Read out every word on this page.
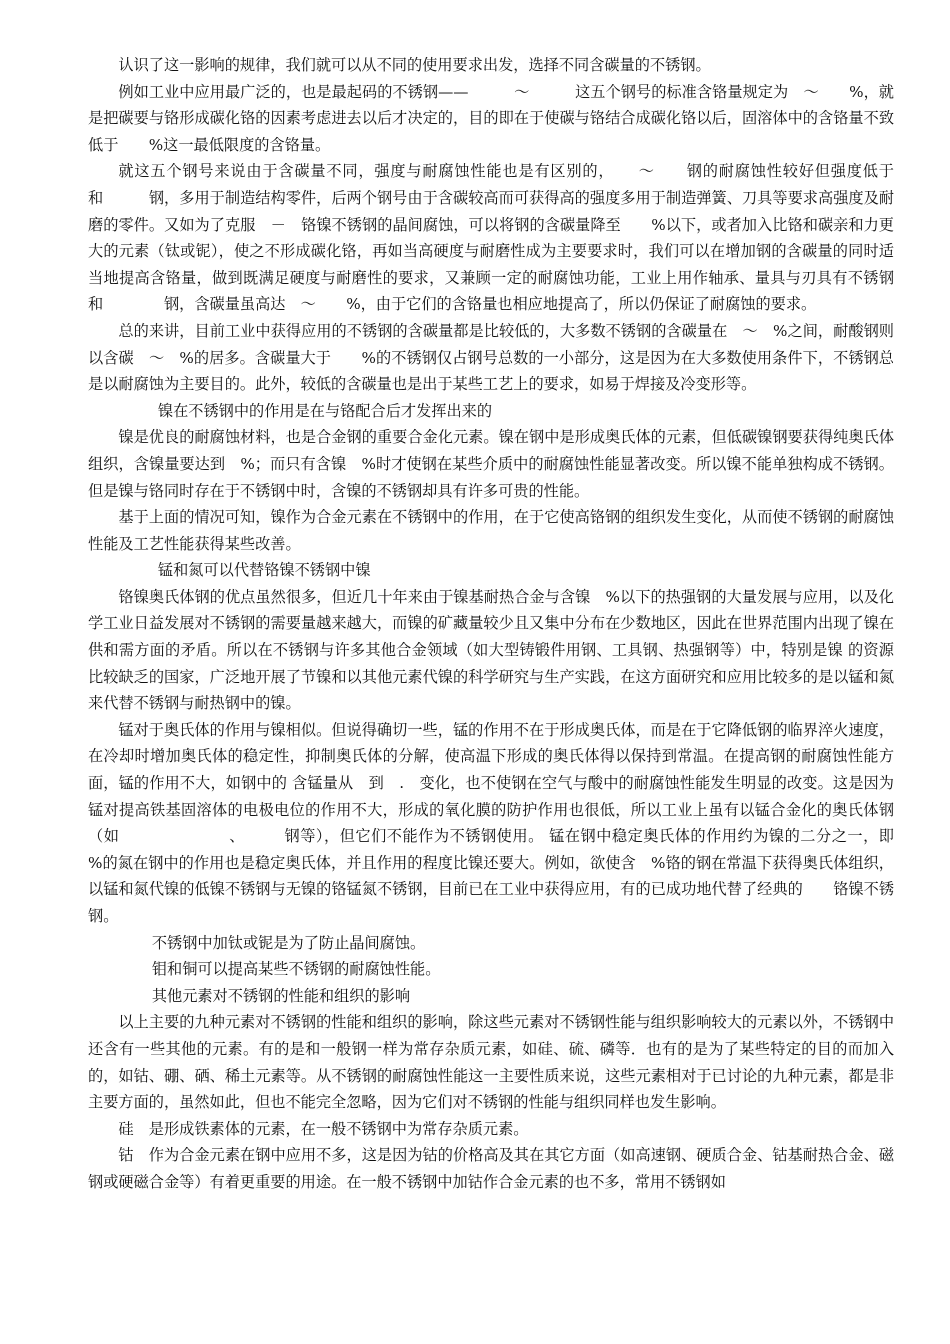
认识了这一影响的规律，我们就可以从不同的使用要求出发，选择不同含碳量的不锈钢。

例如工业中应用最广泛的，也是最起码的不锈钢——　　　～　　　这五个钢号的标准含铬量规定为　～　　%，就是把碳要与铬形成碳化铬的因素考虑进去以后才决定的，目的即在于使碳与铬结合成碳化铬以后，固溶体中的含铬量不致低于　　%这一最低限度的含铬量。

就这五个钢号来说由于含碳量不同，强度与耐腐蚀性能也是有区别的，　　～　　钢的耐腐蚀性较好但强度低于　　　和　　　钢，多用于制造结构零件，后两个钢号由于含碳较高而可获得高的强度多用于制造弹簧、刀具等要求高强度及耐磨的零件。又如为了克服　－　铬镍不锈钢的晶间腐蚀，可以将钢的含碳量降至　　%以下，或者加入比铬和碳亲和力更大的元素（钛或铌），使之不形成碳化铬，再如当高硬度与耐磨性成为主要要求时，我们可以在增加钢的含碳量的同时适当地提高含铬量，做到既满足硬度与耐磨性的要求，又兼顾一定的耐腐蚀功能，工业上用作轴承、量具与刃具有不锈钢　　　和　　　　钢，含碳量虽高达　～　　%，由于它们的含铬量也相应地提高了，所以仍保证了耐腐蚀的要求。

总的来讲，目前工业中获得应用的不锈钢的含碳量都是比较低的，大多数不锈钢的含碳量在　～　%之间，耐酸钢则以含碳　～　%的居多。含碳量大于　　%的不锈钢仅占钢号总数的一小部分，这是因为在大多数使用条件下，不锈钢总是以耐腐蚀为主要目的。此外，较低的含碳量也是出于某些工艺上的要求，如易于焊接及冷变形等。

镍在不锈钢中的作用是在与铬配合后才发挥出来的

镍是优良的耐腐蚀材料，也是合金钢的重要合金化元素。镍在钢中是形成奥氏体的元素，但低碳镍钢要获得纯奥氏体组织，含镍量要达到　%；而只有含镍　%时才使钢在某些介质中的耐腐蚀性能显著改变。所以镍不能单独构成不锈钢。但是镍与铬同时存在于不锈钢中时，含镍的不锈钢却具有许多可贵的性能。

基于上面的情况可知，镍作为合金元素在不锈钢中的作用，在于它使高铬钢的组织发生变化，从而使不锈钢的耐腐蚀性能及工艺性能获得某些改善。

锰和氮可以代替铬镍不锈钢中镍

铬镍奥氏体钢的优点虽然很多，但近几十年来由于镍基耐热合金与含镍　%以下的热强钢的大量发展与应用，以及化学工业日益发展对不锈钢的需要量越来越大，而镍的矿藏量较少且又集中分布在少数地区，因此在世界范围内出现了镍在供和需方面的矛盾。所以在不锈钢与许多其他合金领域（如大型铸锻件用钢、工具钢、热强钢等）中，特别是镍 的资源比较缺乏的国家，广泛地开展了节镍和以其他元素代镍的科学研究与生产实践，在这方面研究和应用比较多的是以锰和氮来代替不锈钢与耐热钢中的镍。

锰对于奥氏体的作用与镍相似。但说得确切一些，锰的作用不在于形成奥氏体，而是在于它降低钢的临界淬火速度，在冷却时增加奥氏体的稳定性，抑制奥氏体的分解，使高温下形成的奥氏体得以保持到常温。在提高钢的耐腐蚀性能方面，锰的作用不大，如钢中的 含锰量从　到　.　变化，也不使钢在空气与酸中的耐腐蚀性能发生明显的改变。这是因为锰对提高铁基固溶体的电极电位的作用不大，形成的氧化膜的防护作用也很低，所以工业上虽有以锰合金化的奥氏体钢（如　　　　　　　、　　　钢等），但它们不能作为不锈钢使用。 锰在钢中稳定奥氏体的作用约为镍的二分之一，即　%的氮在钢中的作用也是稳定奥氏体，并且作用的程度比镍还要大。例如，欲使含　%铬的钢在常温下获得奥氏体组织，以锰和氮代镍的低镍不锈钢与无镍的铬锰氮不锈钢，目前已在工业中获得应用，有的已成功地代替了经典的　　铬镍不锈钢。

不锈钢中加钛或铌是为了防止晶间腐蚀。

钼和铜可以提高某些不锈钢的耐腐蚀性能。

其他元素对不锈钢的性能和组织的影响

以上主要的九种元素对不锈钢的性能和组织的影响，除这些元素对不锈钢性能与组织影响较大的元素以外，不锈钢中还含有一些其他的元素。有的是和一般钢一样为常存杂质元素，如硅、硫、磷等．也有的是为了某些特定的目的而加入的，如钴、硼、硒、稀土元素等。从不锈钢的耐腐蚀性能这一主要性质来说，这些元素相对于已讨论的九种元素，都是非主要方面的，虽然如此，但也不能完全忽略，因为它们对不锈钢的性能与组织同样也发生影响。

硅　是形成铁素体的元素，在一般不锈钢中为常存杂质元素。

钴　作为合金元素在钢中应用不多，这是因为钴的价格高及其在其它方面（如高速钢、硬质合金、钴基耐热合金、磁钢或硬磁合金等）有着更重要的用途。在一般不锈钢中加钴作合金元素的也不多，常用不锈钢如
